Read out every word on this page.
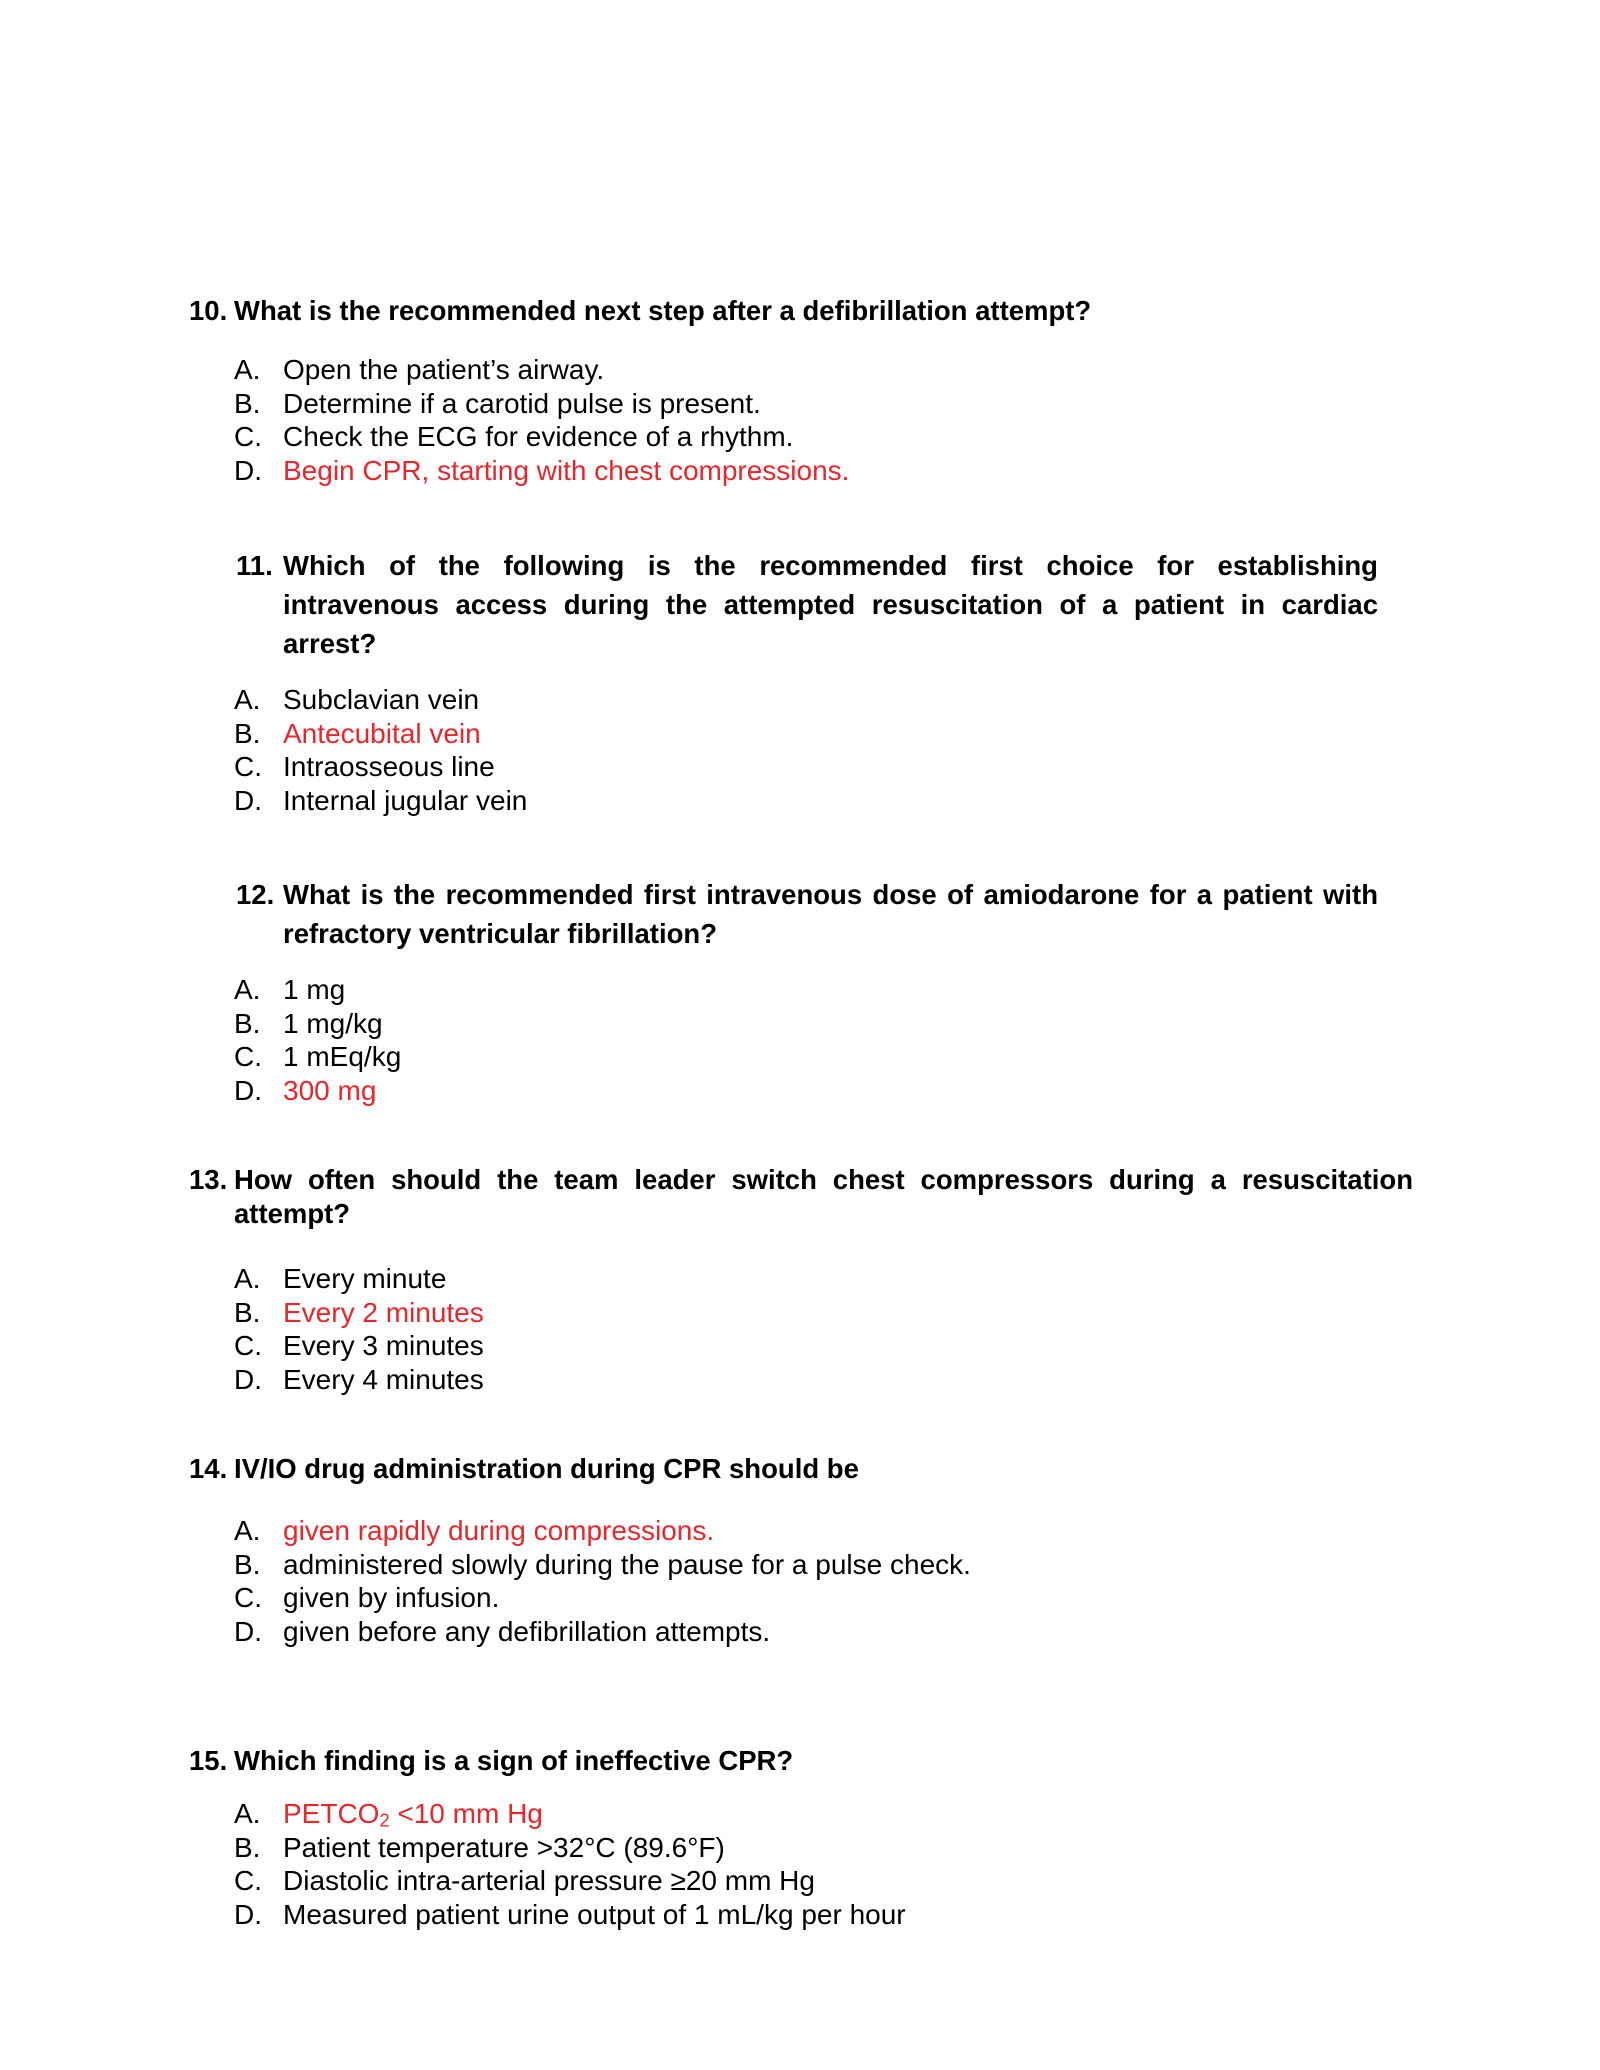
10. What is the recommended next step after a defibrillation attempt?
A. Open the patient’s airway.
B. Determine if a carotid pulse is present.
C. Check the ECG for evidence of a rhythm.
D. Begin CPR, starting with chest compressions.
11. Which of the following is the recommended first choice for establishing intravenous access during the attempted resuscitation of a patient in cardiac arrest?
A. Subclavian vein
B. Antecubital vein
C. Intraosseous line
D. Internal jugular vein
12. What is the recommended first intravenous dose of amiodarone for a patient with refractory ventricular fibrillation?
A. 1 mg
B. 1 mg/kg
C. 1 mEq/kg
D. 300 mg
13. How often should the team leader switch chest compressors during a resuscitation attempt?
A. Every minute
B. Every 2 minutes
C. Every 3 minutes
D. Every 4 minutes
14. IV/IO drug administration during CPR should be
A. given rapidly during compressions.
B. administered slowly during the pause for a pulse check.
C. given by infusion.
D. given before any defibrillation attempts.
15. Which finding is a sign of ineffective CPR?
A. $PETCO_2 <10$ mm Hg
B. Patient temperature >32°C (89.6°F)
C. Diastolic intra-arterial pressure ≥20 mm Hg
D. Measured patient urine output of 1 mL/kg per hour
